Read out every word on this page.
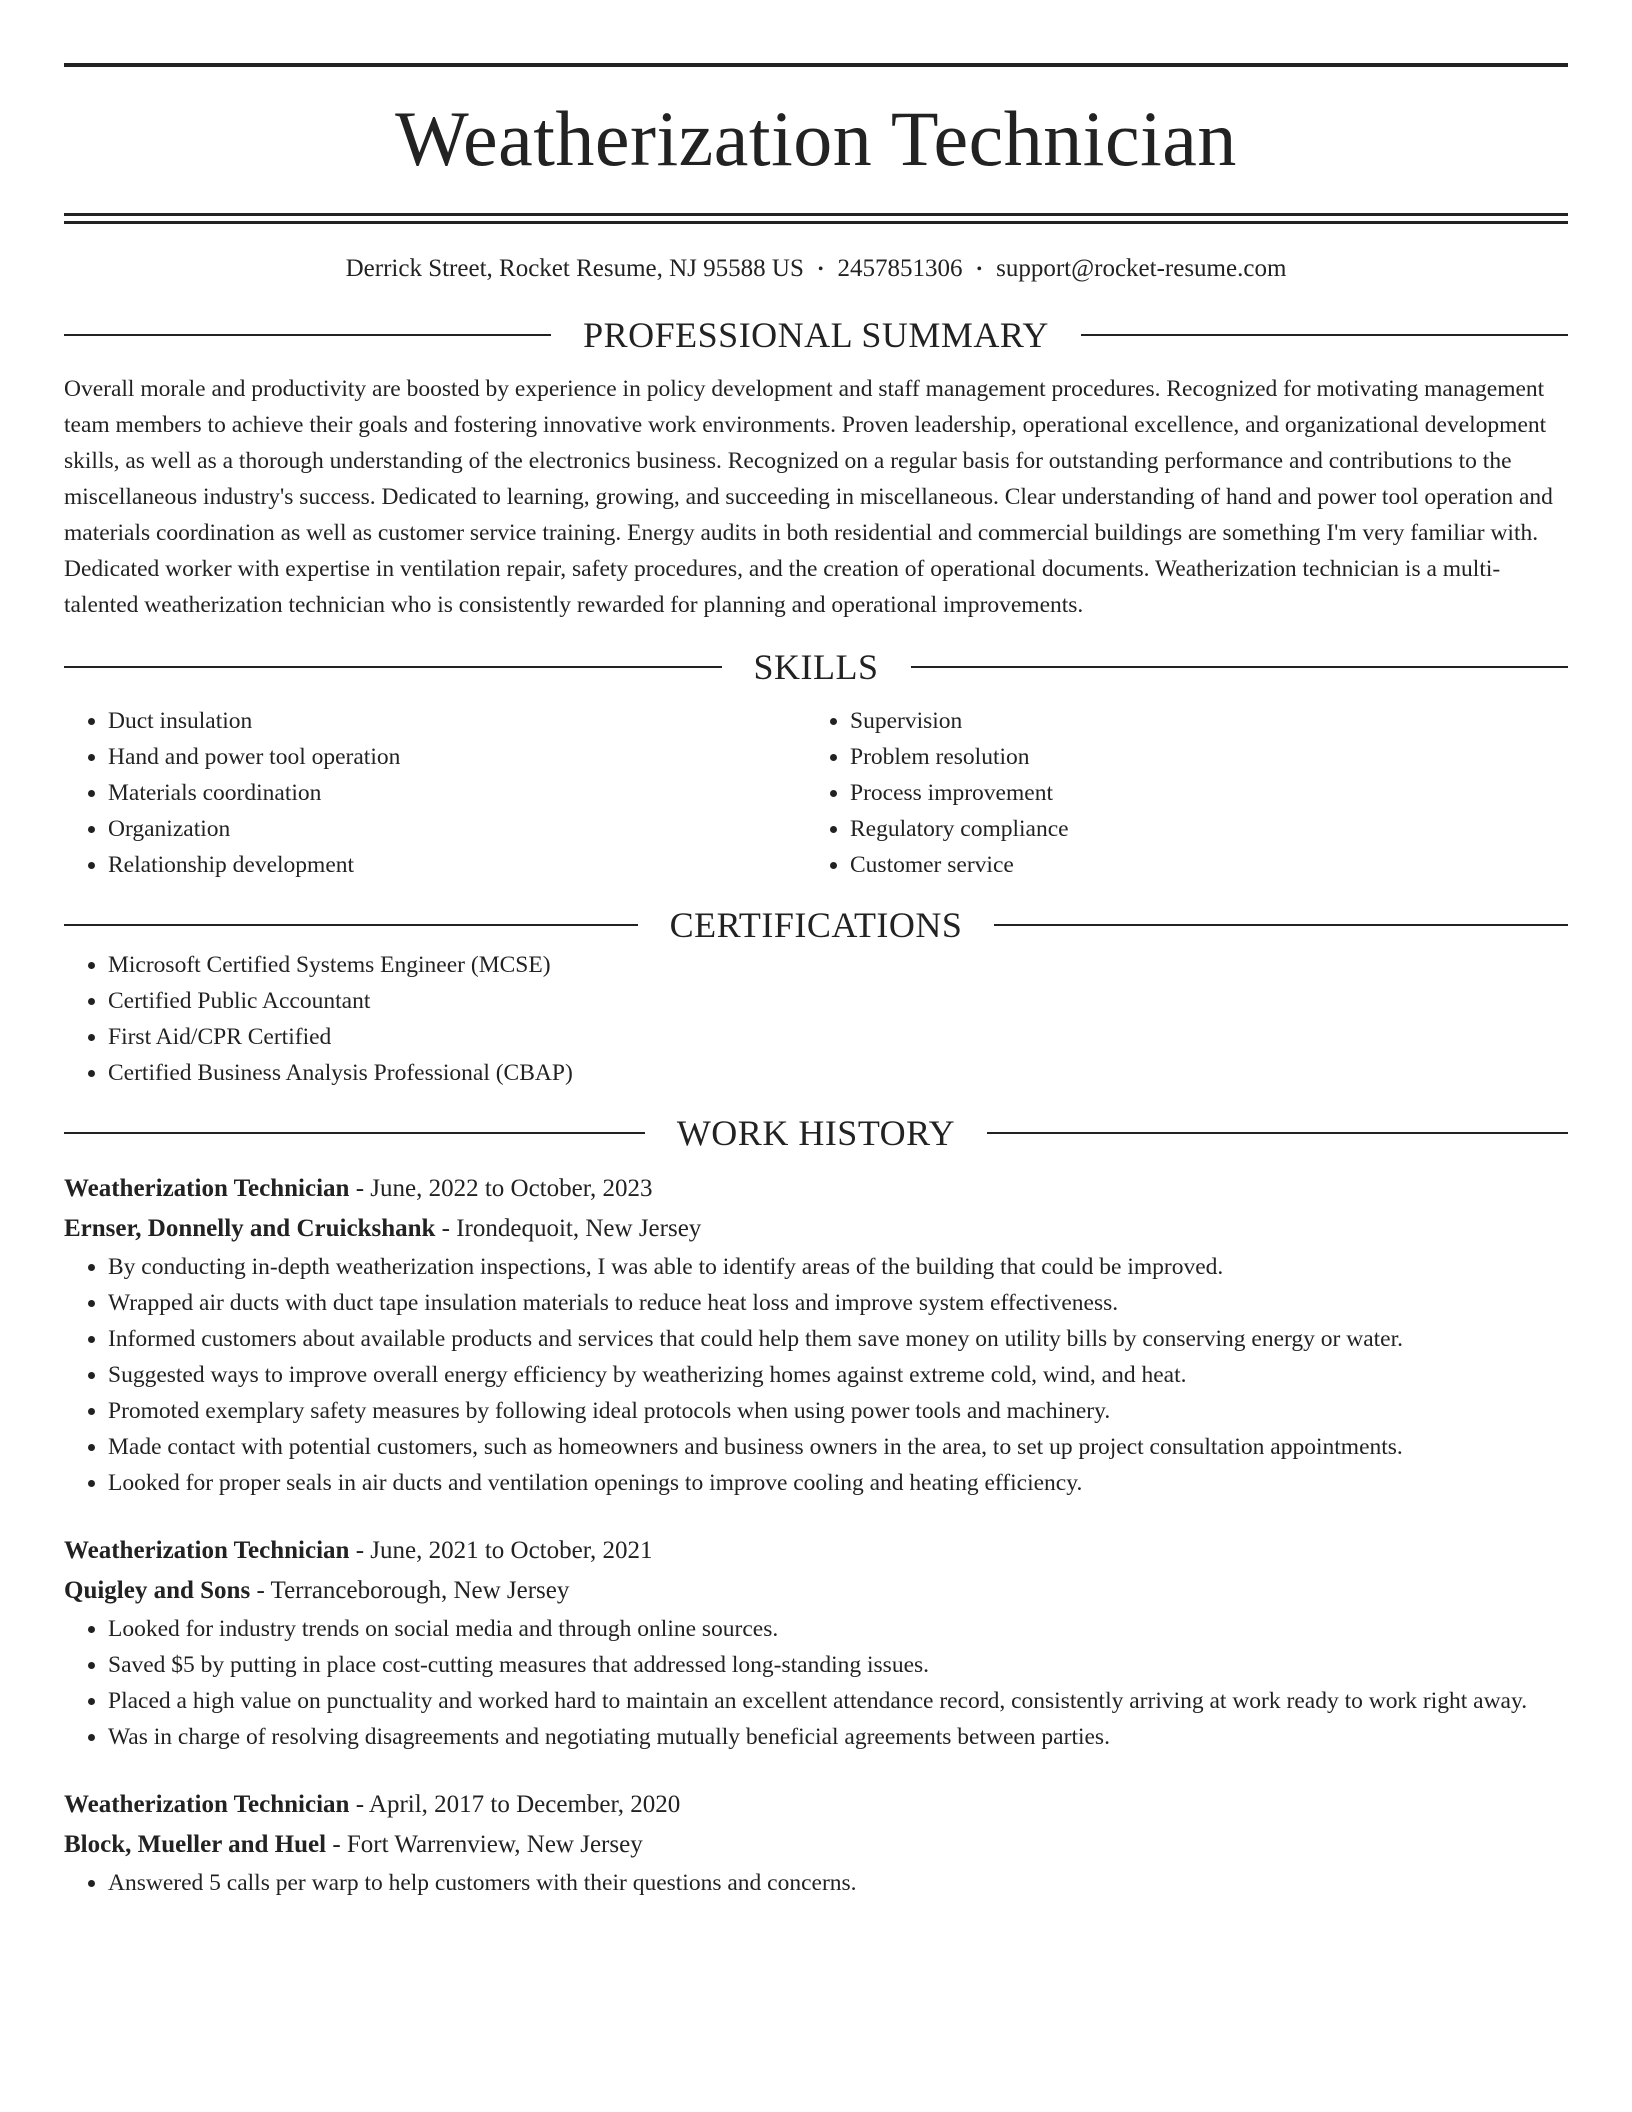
Weatherization Technician
Derrick Street, Rocket Resume, NJ 95588 US • 2457851306 • support@rocket-resume.com
PROFESSIONAL SUMMARY

Overall morale and productivity are boosted by experience in policy development and staff management procedures. Recognized for motivating management team members to achieve their goals and fostering innovative work environments. Proven leadership, operational excellence, and organizational development skills, as well as a thorough understanding of the electronics business. Recognized on a regular basis for outstanding performance and contributions to the miscellaneous industry's success. Dedicated to learning, growing, and succeeding in miscellaneous. Clear understanding of hand and power tool operation and materials coordination as well as customer service training. Energy audits in both residential and commercial buildings are something I'm very familiar with. Dedicated worker with expertise in ventilation repair, safety procedures, and the creation of operational documents. Weatherization technician is a multi-talented weatherization technician who is consistently rewarded for planning and operational improvements.

SKILLS
• Duct insulation
• Hand and power tool operation
• Materials coordination
• Organization
• Relationship development
• Supervision
• Problem resolution
• Process improvement
• Regulatory compliance
• Customer service
CERTIFICATIONS
• Microsoft Certified Systems Engineer (MCSE)
• Certified Public Accountant
• First Aid/CPR Certified
• Certified Business Analysis Professional (CBAP)
WORK HISTORY
Weatherization Technician - June, 2022 to October, 2023
Ernser, Donnelly and Cruickshank - Irondequoit, New Jersey
• By conducting in-depth weatherization inspections, I was able to identify areas of the building that could be improved.
• Wrapped air ducts with duct tape insulation materials to reduce heat loss and improve system effectiveness.
• Informed customers about available products and services that could help them save money on utility bills by conserving energy or water.
• Suggested ways to improve overall energy efficiency by weatherizing homes against extreme cold, wind, and heat.
• Promoted exemplary safety measures by following ideal protocols when using power tools and machinery.
• Made contact with potential customers, such as homeowners and business owners in the area, to set up project consultation appointments.
• Looked for proper seals in air ducts and ventilation openings to improve cooling and heating efficiency.
Weatherization Technician - June, 2021 to October, 2021
Quigley and Sons - Terranceborough, New Jersey
• Looked for industry trends on social media and through online sources.
• Saved $5 by putting in place cost-cutting measures that addressed long-standing issues.
• Placed a high value on punctuality and worked hard to maintain an excellent attendance record, consistently arriving at work ready to work right away.
• Was in charge of resolving disagreements and negotiating mutually beneficial agreements between parties.
Weatherization Technician - April, 2017 to December, 2020
Block, Mueller and Huel - Fort Warrenview, New Jersey
• Answered 5 calls per warp to help customers with their questions and concerns.
